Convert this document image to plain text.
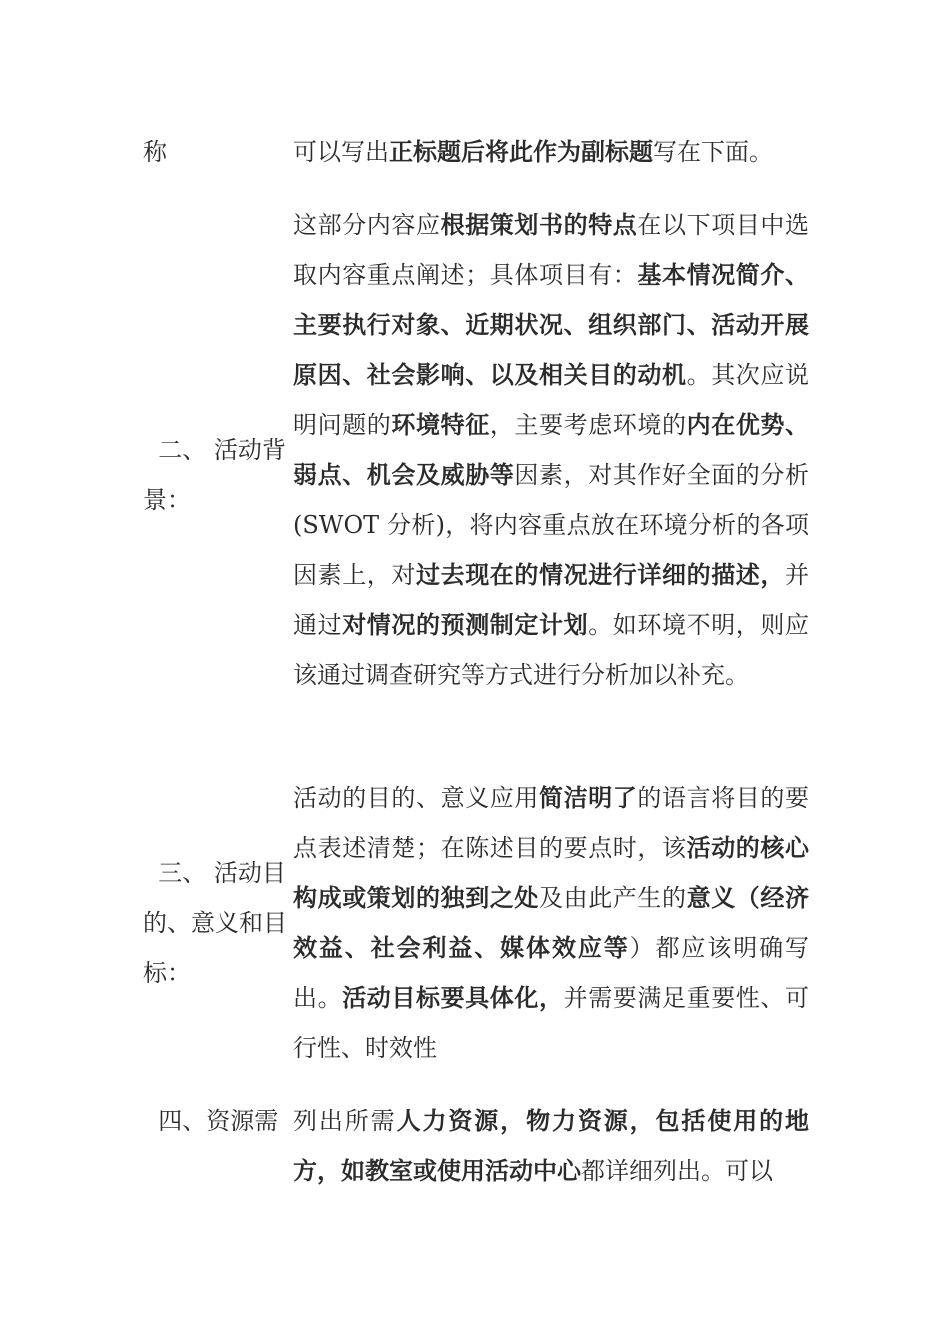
称	可以写出正标题后将此作为副标题写在下面。
二、 活动背景：
这部分内容应根据策划书的特点在以下项目中选取内容重点阐述；具体项目有：基本情况简介、主要执行对象、近期状况、组织部门、活动开展原因、社会影响、以及相关目的动机。其次应说明问题的环境特征，主要考虑环境的内在优势、弱点、机会及威胁等因素，对其作好全面的分析(SWOT 分析)，将内容重点放在环境分析的各项因素上，对过去现在的情况进行详细的描述，并通过对情况的预测制定计划。如环境不明，则应该通过调查研究等方式进行分析加以补充。
三、 活动目的、意义和目标：
活动的目的、意义应用简洁明了的语言将目的要点表述清楚；在陈述目的要点时，该活动的核心构成或策划的独到之处及由此产生的意义（经济效益、社会利益、媒体效应等）都应该明确写出。活动目标要具体化，并需要满足重要性、可行性、时效性
四、资源需 列出所需人力资源，物力资源，包括使用的地方，如教室或使用活动中心都详细列出。可以
